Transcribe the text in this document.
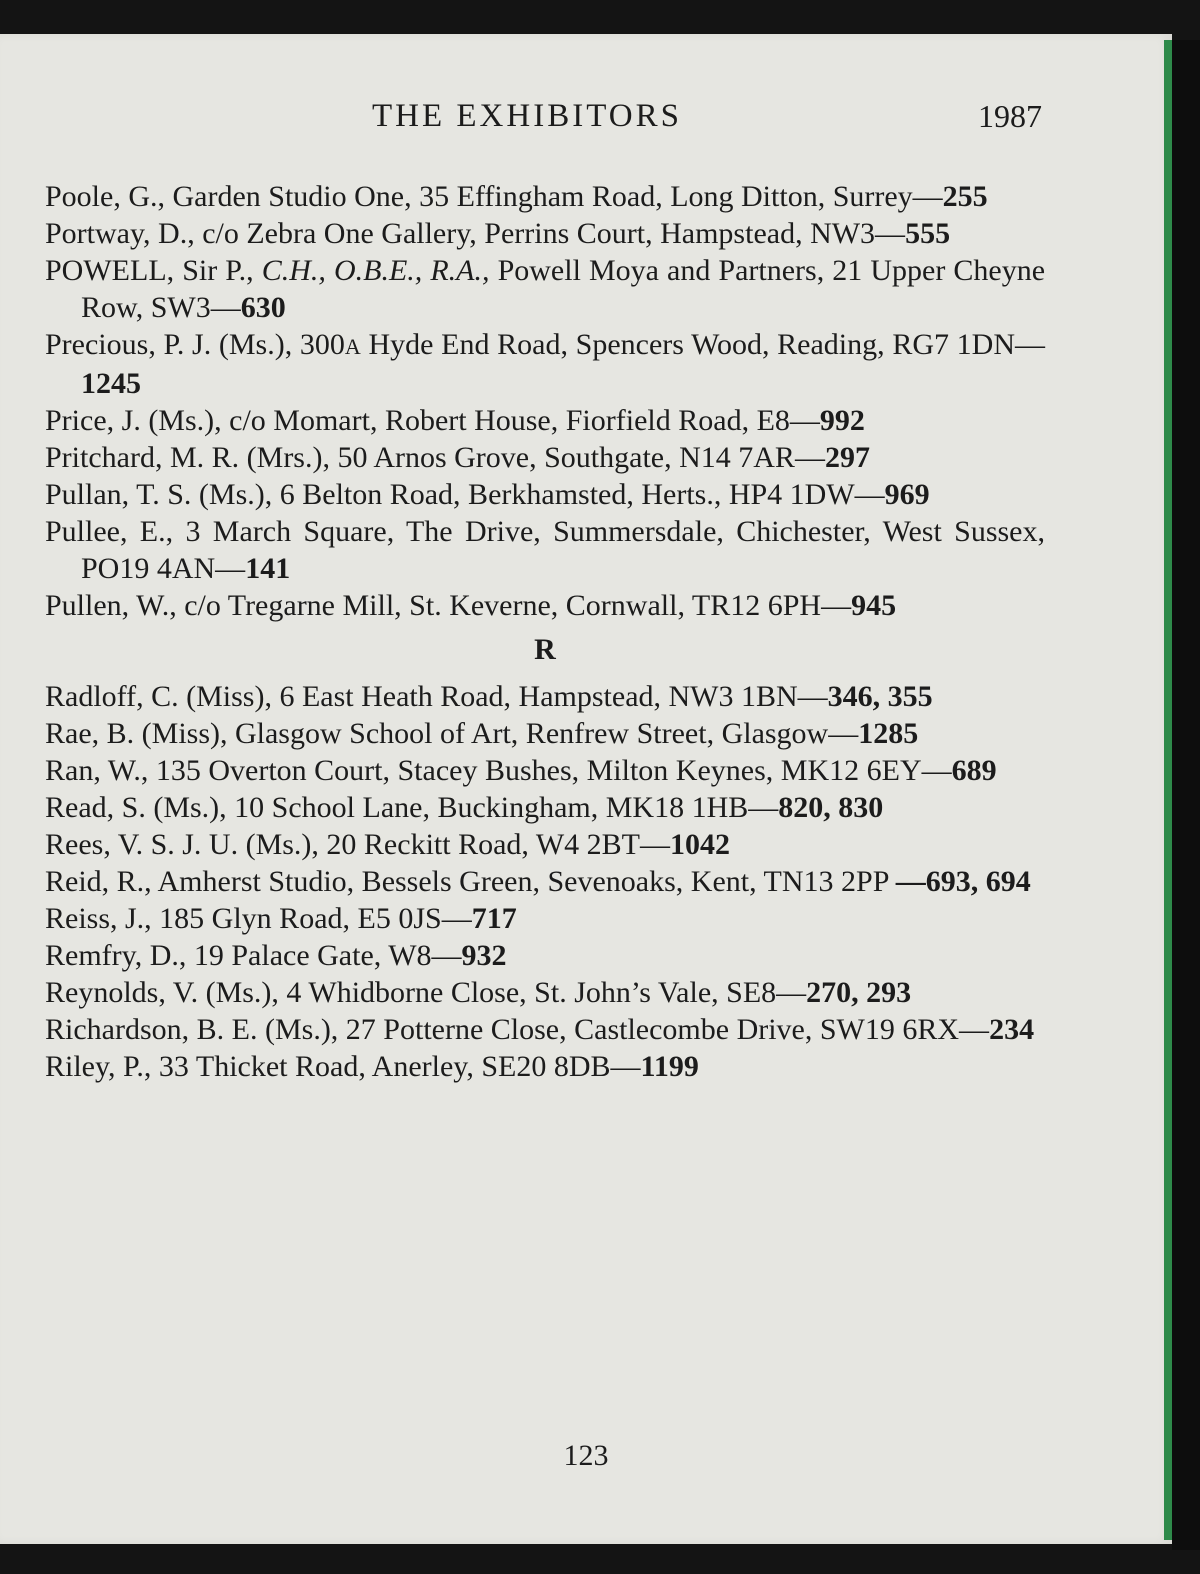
THE EXHIBITORS	1987
Poole, G., Garden Studio One, 35 Effingham Road, Long Ditton, Surrey—255
Portway, D., c/o Zebra One Gallery, Perrins Court, Hampstead, NW3—555
POWELL, Sir P., C.H., O.B.E., R.A., Powell Moya and Partners, 21 Upper Cheyne Row, SW3—630
Precious, P. J. (Ms.), 300A Hyde End Road, Spencers Wood, Reading, RG7 1DN—1245
Price, J. (Ms.), c/o Momart, Robert House, Fiorfield Road, E8—992
Pritchard, M. R. (Mrs.), 50 Arnos Grove, Southgate, N14 7AR—297
Pullan, T. S. (Ms.), 6 Belton Road, Berkhamsted, Herts., HP4 1DW—969
Pullee, E., 3 March Square, The Drive, Summersdale, Chichester, West Sussex, PO19 4AN—141
Pullen, W., c/o Tregarne Mill, St. Keverne, Cornwall, TR12 6PH—945
R
Radloff, C. (Miss), 6 East Heath Road, Hampstead, NW3 1BN—346, 355
Rae, B. (Miss), Glasgow School of Art, Renfrew Street, Glasgow—1285
Ran, W., 135 Overton Court, Stacey Bushes, Milton Keynes, MK12 6EY—689
Read, S. (Ms.), 10 School Lane, Buckingham, MK18 1HB—820, 830
Rees, V. S. J. U. (Ms.), 20 Reckitt Road, W4 2BT—1042
Reid, R., Amherst Studio, Bessels Green, Sevenoaks, Kent, TN13 2PP —693, 694
Reiss, J., 185 Glyn Road, E5 0JS—717
Remfry, D., 19 Palace Gate, W8—932
Reynolds, V. (Ms.), 4 Whidborne Close, St. John’s Vale, SE8—270, 293
Richardson, B. E. (Ms.), 27 Potterne Close, Castlecombe Drive, SW19 6RX—234
Riley, P., 33 Thicket Road, Anerley, SE20 8DB—1199
123
